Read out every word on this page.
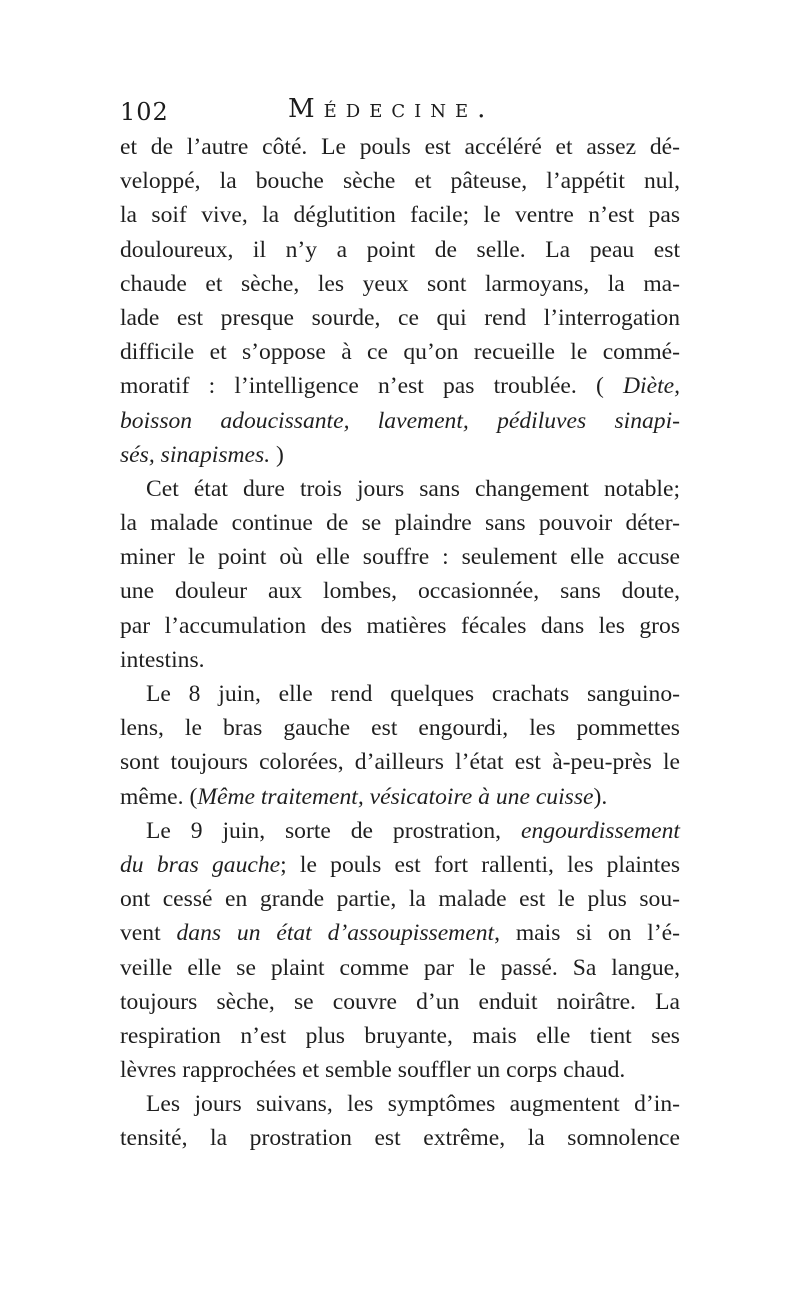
102	Médecine.
et de l’autre côté. Le pouls est accéléré et assez dé-
veloppé, la bouche sèche et pâteuse, l’appétit nul,
la soif vive, la déglutition facile; le ventre n’est pas
douloureux, il n’y a point de selle. La peau est
chaude et sèche, les yeux sont larmoyans, la ma-
lade est presque sourde, ce qui rend l’interrogation
difficile et s’oppose à ce qu’on recueille le commé-
moratif : l’intelligence n’est pas troublée. ( Diète,
boisson adoucissante, lavement, pédiluves sinapi-
sés, sinapismes. )
Cet état dure trois jours sans changement notable;
la malade continue de se plaindre sans pouvoir déter-
miner le point où elle souffre : seulement elle accuse
une douleur aux lombes, occasionnée, sans doute,
par l’accumulation des matières fécales dans les gros
intestins.
Le 8 juin, elle rend quelques crachats sanguino-
lens, le bras gauche est engourdi, les pommettes
sont toujours colorées, d’ailleurs l’état est à-peu-près le
même. (Même traitement, vésicatoire à une cuisse).
Le 9 juin, sorte de prostration, engourdissement
du bras gauche; le pouls est fort rallenti, les plaintes
ont cessé en grande partie, la malade est le plus sou-
vent dans un état d’assoupissement, mais si on l’é-
veille elle se plaint comme par le passé. Sa langue,
toujours sèche, se couvre d’un enduit noirâtre. La
respiration n’est plus bruyante, mais elle tient ses
lèvres rapprochées et semble souffler un corps chaud.
Les jours suivans, les symptômes augmentent d’in-
tensité, la prostration est extrême, la somnolence
